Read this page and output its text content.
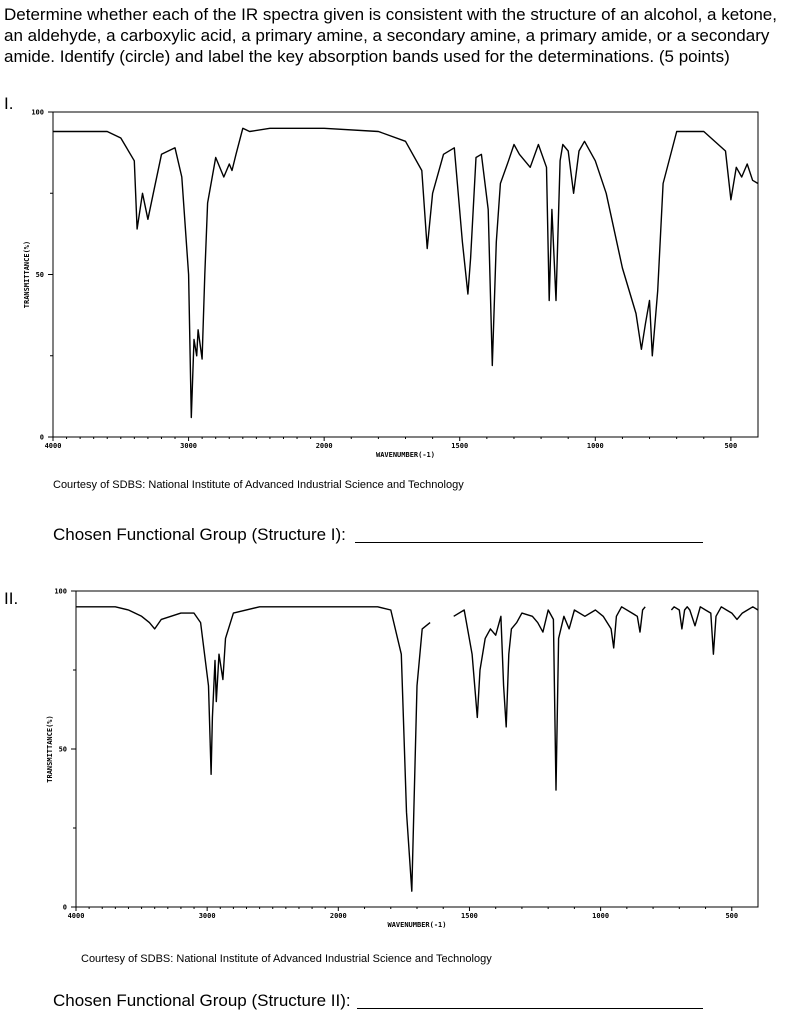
Determine whether each of the IR spectra given is consistent with the structure of an alcohol, a ketone, an aldehyde, a carboxylic acid, a primary amine, a secondary amine, a primary amide, or a secondary amide. Identify (circle) and label the key absorption bands used for the determinations. (5 points)

I.
4000	3000	2000	1500	1000	500
0
50
100
WAVENUMBER(-1)
TRANSMITTANCE(%)
Courtesy of SDBS: National Institute of Advanced Industrial Science and Technology
Chosen Functional Group (Structure I):
II.
4000	3000	2000	1500	1000	500
0
50
100
WAVENUMBER(-1)
TRANSMITTANCE(%)
Courtesy of SDBS: National Institute of Advanced Industrial Science and Technology
Chosen Functional Group (Structure II):
